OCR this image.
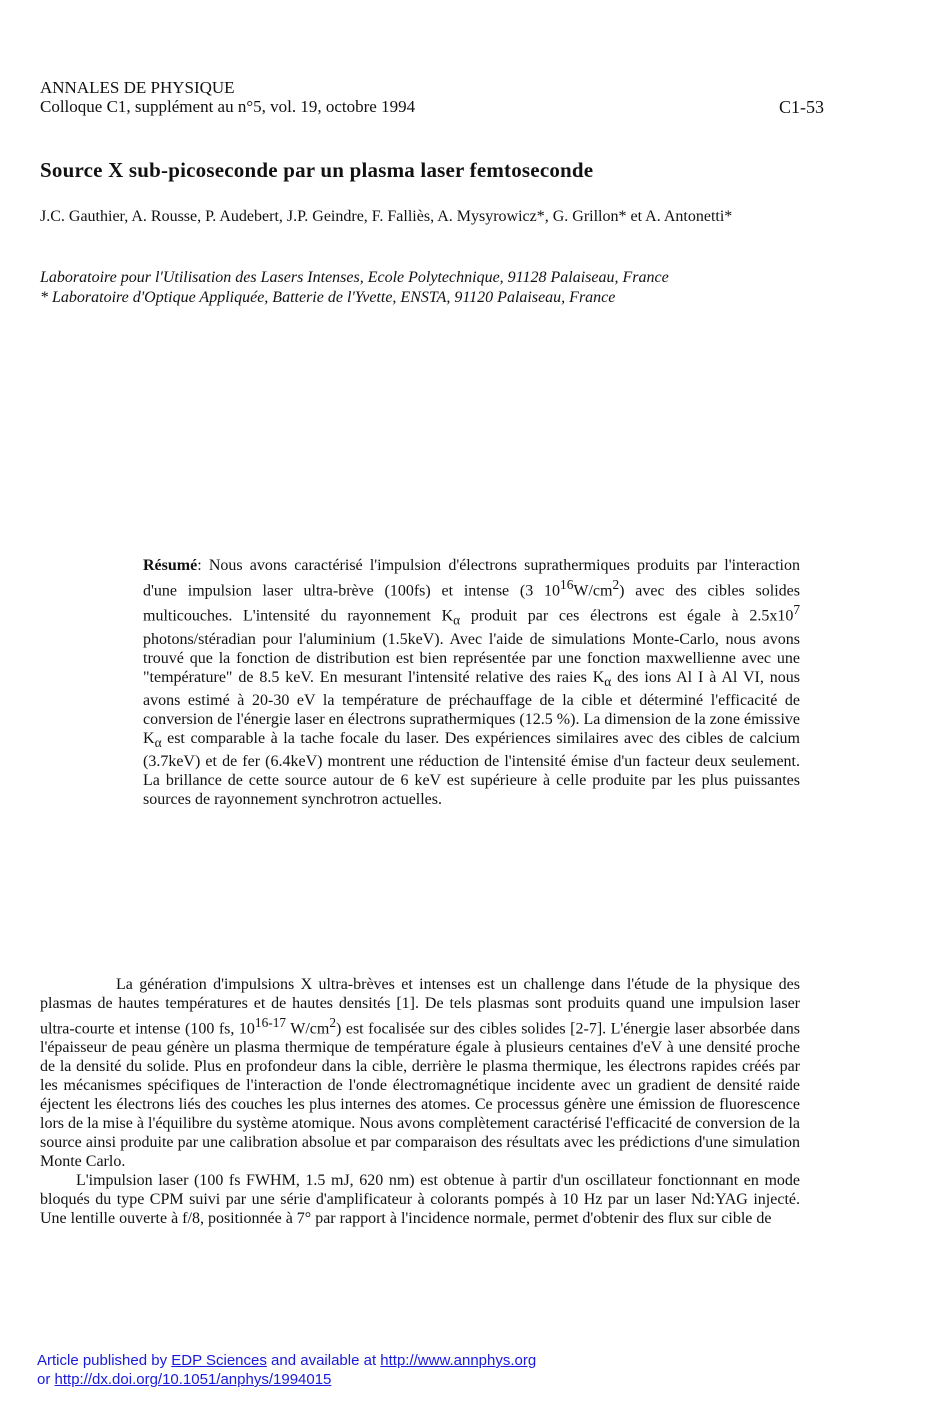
ANNALES DE PHYSIQUE
Colloque C1, supplément au n°5, vol. 19, octobre 1994	C1-53
Source X sub-picoseconde par un plasma laser femtoseconde
J.C. Gauthier, A. Rousse, P. Audebert, J.P. Geindre, F. Falliès, A. Mysyrowicz*, G. Grillon* et A. Antonetti*
Laboratoire pour l'Utilisation des Lasers Intenses, Ecole Polytechnique, 91128 Palaiseau, France
* Laboratoire d'Optique Appliquée, Batterie de l'Yvette, ENSTA, 91120 Palaiseau, France
Résumé: Nous avons caractérisé l'impulsion d'électrons suprathermiques produits par l'interaction d'une impulsion laser ultra-brève (100fs) et intense (3 $10^{16}W/cm^2$) avec des cibles solides multicouches. L'intensité du rayonnement $K_\alpha$ produit par ces électrons est égale à $2.5x10^7$ photons/stéradian pour l'aluminium (1.5keV). Avec l'aide de simulations Monte-Carlo, nous avons trouvé que la fonction de distribution est bien représentée par une fonction maxwellienne avec une "température" de 8.5 keV. En mesurant l'intensité relative des raies $K_\alpha$ des ions Al I à Al VI, nous avons estimé à 20-30 eV la température de préchauffage de la cible et déterminé l'efficacité de conversion de l'énergie laser en électrons suprathermiques (12.5 %). La dimension de la zone émissive $K_\alpha$ est comparable à la tache focale du laser. Des expériences similaires avec des cibles de calcium (3.7keV) et de fer (6.4keV) montrent une réduction de l'intensité émise d'un facteur deux seulement. La brillance de cette source autour de 6 keV est supérieure à celle produite par les plus puissantes sources de rayonnement synchrotron actuelles.

La génération d'impulsions X ultra-brèves et intenses est un challenge dans l'étude de la physique des plasmas de hautes températures et de hautes densités [1]. De tels plasmas sont produits quand une impulsion laser ultra-courte et intense (100 fs, 10$^{16-17}$ $W/cm^2$) est focalisée sur des cibles solides [2-7]. L'énergie laser absorbée dans l'épaisseur de peau génère un plasma thermique de température égale à plusieurs centaines d'eV à une densité proche de la densité du solide. Plus en profondeur dans la cible, derrière le plasma thermique, les électrons rapides créés par les mécanismes spécifiques de l'interaction de l'onde électromagnétique incidente avec un gradient de densité raide éjectent les électrons liés des couches les plus internes des atomes. Ce processus génère une émission de fluorescence lors de la mise à l'équilibre du système atomique. Nous avons complètement caractérisé l'efficacité de conversion de la source ainsi produite par une calibration absolue et par comparaison des résultats avec les prédictions d'une simulation Monte Carlo.

L'impulsion laser (100 fs FWHM, 1.5 mJ, 620 nm) est obtenue à partir d'un oscillateur fonctionnant en mode bloqués du type CPM suivi par une série d'amplificateur à colorants pompés à 10 Hz par un laser Nd:YAG injecté. Une lentille ouverte à f/8, positionnée à 7° par rapport à l'incidence normale, permet d'obtenir des flux sur cible de

Article published by EDP Sciences and available at http://www.annphys.org
or http://dx.doi.org/10.1051/anphys/1994015
